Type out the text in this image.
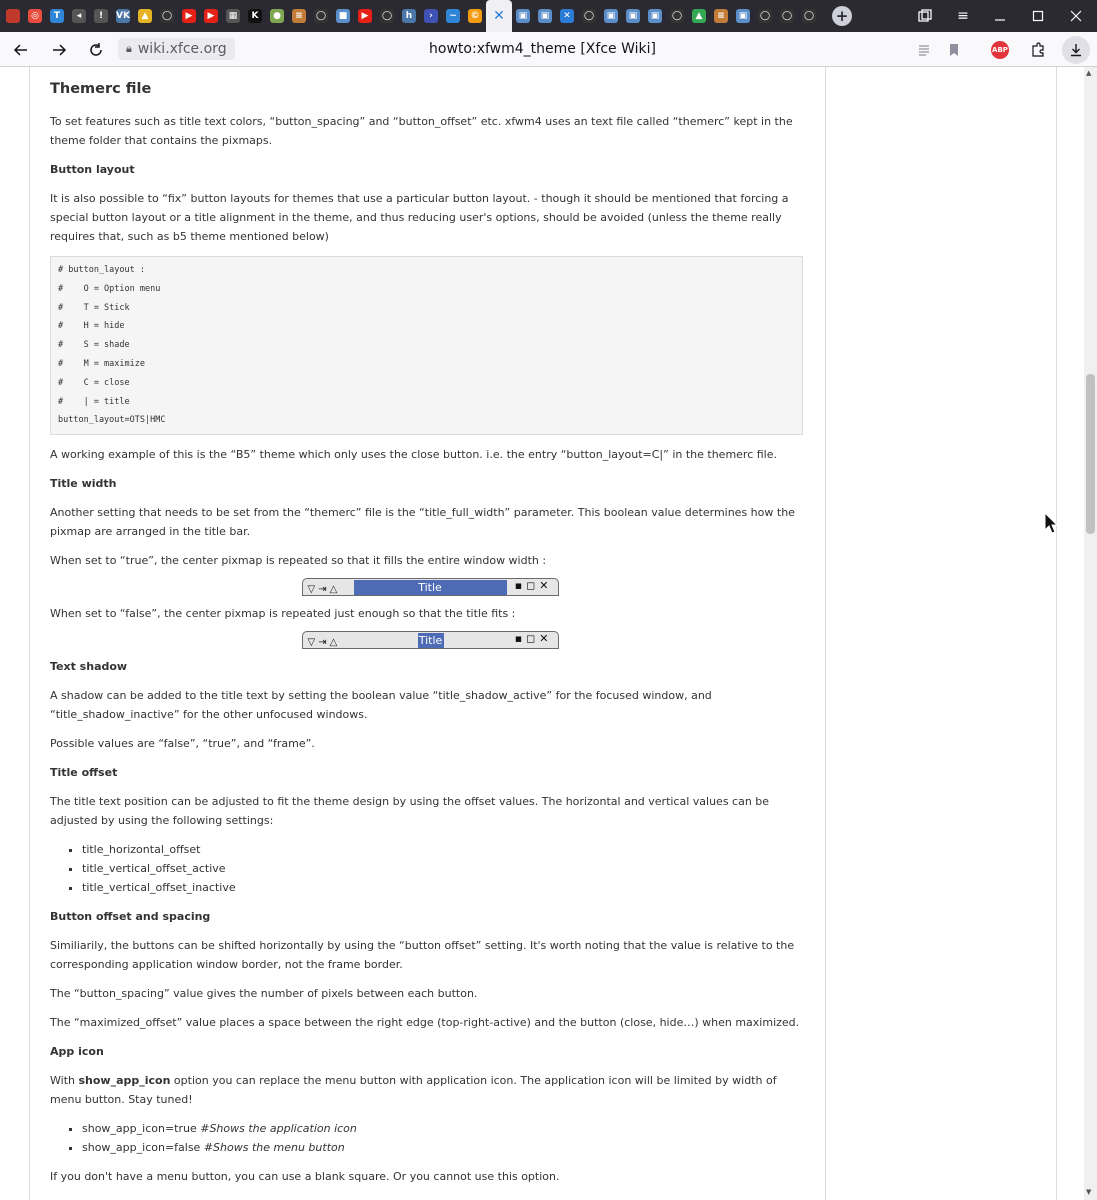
◎	T	◂	!	VK	▲	◯	▶	▶	▦	K	●	≡	◯	■	▶	◯	h	›	~	© ✕	▣	▣	✕	◯	▣	▣	▣	◯	▲	≡	▣	◯ ◯ ◯ +	≡
🔒︎ wiki.xfce.org	howto:xfwm4_theme [Xfce Wiki]	ABP
Themerc file

To set features such as title text colors, “button_spacing” and “button_offset” etc. xfwm4 uses an text file called “themerc” kept in the theme folder that contains the pixmaps.

Button layout

It is also possible to “fix” button layouts for themes that use a particular button layout. - though it should be mentioned that forcing a special button layout or a title alignment in the theme, and thus reducing user's options, should be avoided (unless the theme really requires that, such as b5 theme mentioned below)

# button_layout :
#    O = Option menu
#    T = Stick
#    H = hide
#    S = shade
#    M = maximize
#    C = close
#    | = title
button_layout=OTS|HMC

A working example of this is the “B5” theme which only uses the close button. i.e. the entry “button_layout=C|” in the themerc file.

Title width

Another setting that needs to be set from the “themerc” file is the “title_full_width” parameter. This boolean value determines how the pixmap are arranged in the title bar.

When set to “true”, the center pixmap is repeated so that it fills the entire window width :

▽⇥△	Title	▪◻✕

When set to “false”, the center pixmap is repeated just enough so that the title fits :

▽⇥△	Title	▪◻✕
Text shadow

A shadow can be added to the title text by setting the boolean value “title_shadow_active” for the focused window, and “title_shadow_inactive” for the other unfocused windows.

Possible values are “false”, “true”, and “frame”.

Title offset

The title text position can be adjusted to fit the theme design by using the offset values. The horizontal and vertical values can be adjusted by using the following settings:

▪ title_horizontal_offset
▪ title_vertical_offset_active
▪ title_vertical_offset_inactive
Button offset and spacing

Similiarily, the buttons can be shifted horizontally by using the “button offset” setting. It's worth noting that the value is relative to the corresponding application window border, not the frame border.

The “button_spacing” value gives the number of pixels between each button.

The “maximized_offset” value places a space between the right edge (top-right-active) and the button (close, hide…) when maximized.

App icon

With show_app_icon option you can replace the menu button with application icon. The application icon will be limited by width of menu button. Stay tuned!

▪ show_app_icon=true #Shows the application icon
▪ show_app_icon=false #Shows the menu button

If you don't have a menu button, you can use a blank square. Or you cannot use this option.

▲
▼
